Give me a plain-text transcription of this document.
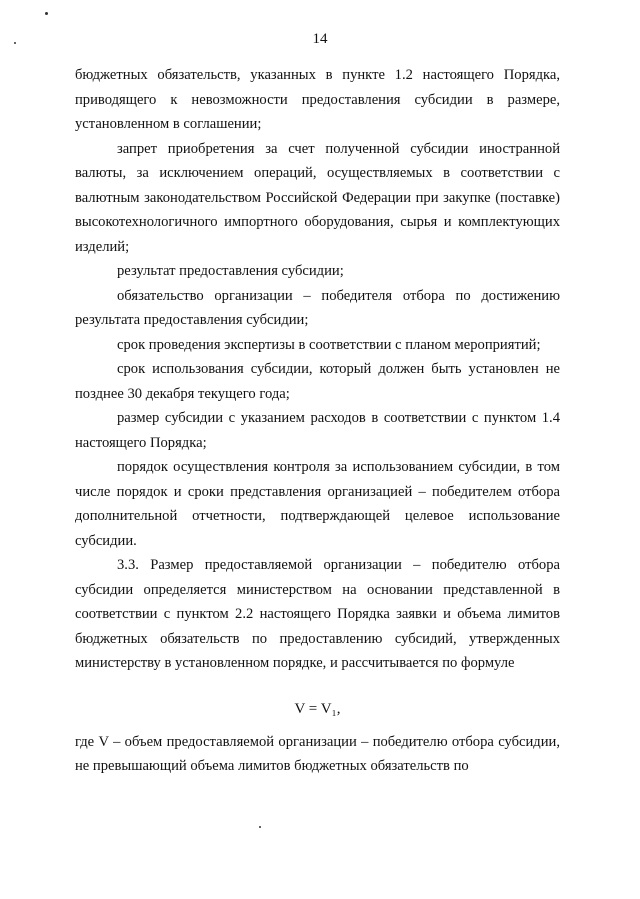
14

бюджетных обязательств, указанных в пункте 1.2 настоящего Порядка, приводящего к невозможности предоставления субсидии в размере, установленном в соглашении;

запрет приобретения за счет полученной субсидии иностранной валюты, за исключением операций, осуществляемых в соответствии с валютным законодательством Российской Федерации при закупке (поставке) высокотехнологичного импортного оборудования, сырья и комплектующих изделий;

результат предоставления субсидии;

обязательство организации – победителя отбора по достижению результата предоставления субсидии;

срок проведения экспертизы в соответствии с планом мероприятий;

срок использования субсидии, который должен быть установлен не позднее 30 декабря текущего года;

размер субсидии с указанием расходов в соответствии с пунктом 1.4 настоящего Порядка;

порядок осуществления контроля за использованием субсидии, в том числе порядок и сроки представления организацией – победителем отбора дополнительной отчетности, подтверждающей целевое использование субсидии.

3.3. Размер предоставляемой организации – победителю отбора субсидии определяется министерством на основании представленной в соответствии с пунктом 2.2 настоящего Порядка заявки и объема лимитов бюджетных обязательств по предоставлению субсидий, утвержденных министерству в установленном порядке, и рассчитывается по формуле

V = V₁,

где V – объем предоставляемой организации – победителю отбора субсидии, не превышающий объема лимитов бюджетных обязательств по
